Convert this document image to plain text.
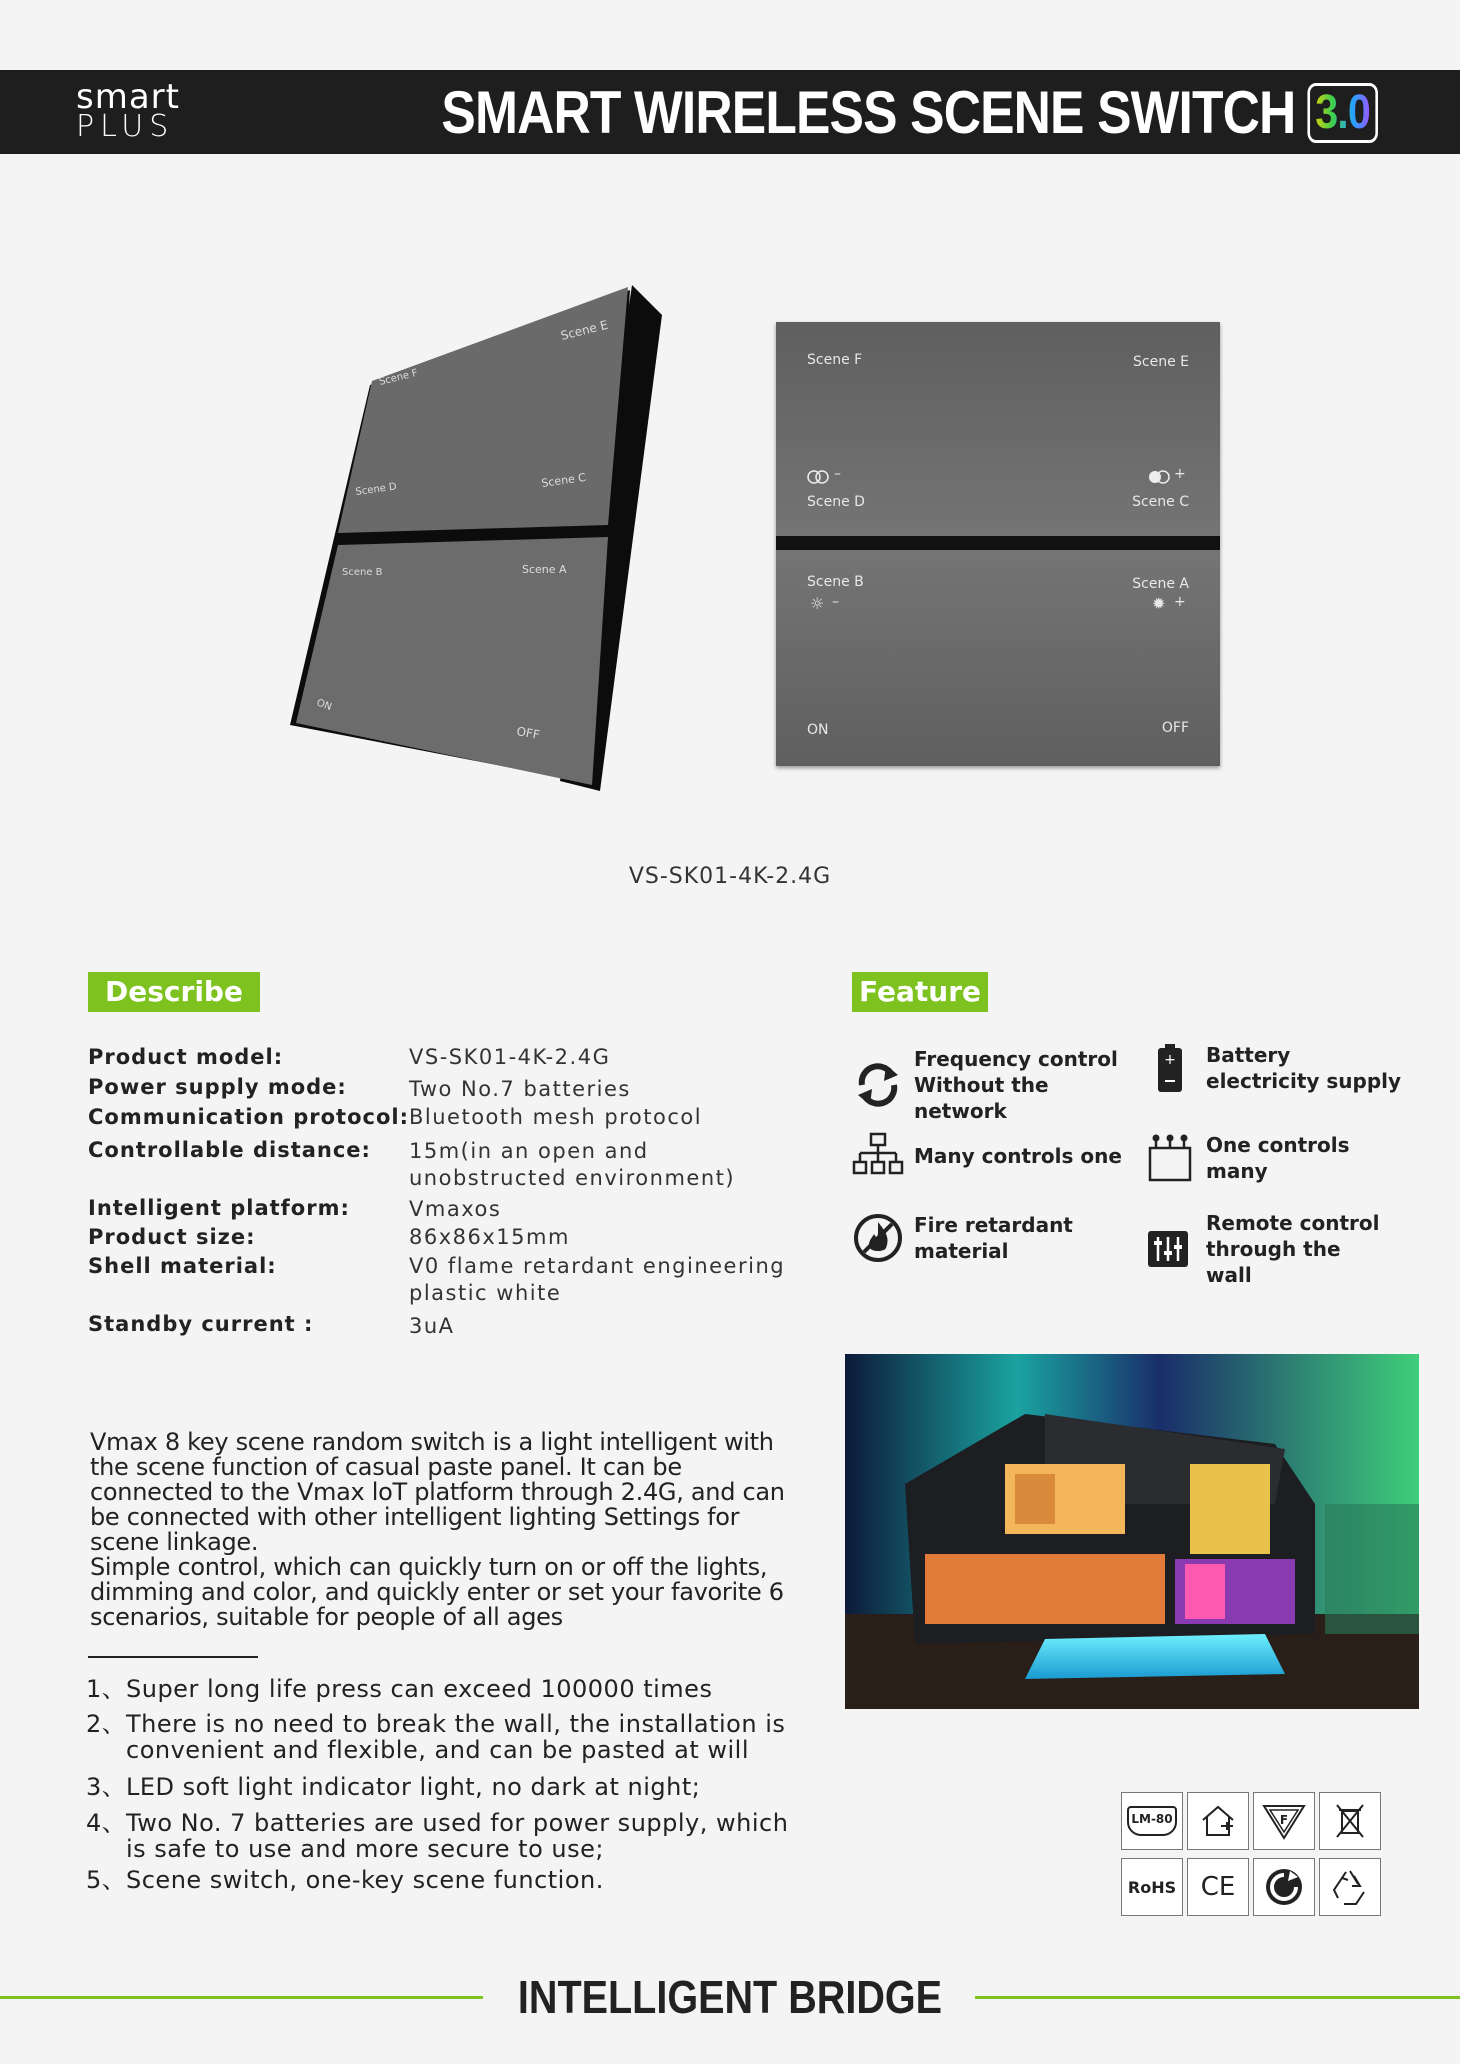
smart
PLUS	SMART WIRELESS SCENE SWITCH 3.0
Scene E
Scene F
Scene D	Scene C
Scene B	Scene A
ON
OFF
Scene F	Scene E
–
Scene D
+
Scene C
Scene B
☼ –
Scene A
✹ +
ON	OFF
VS-SK01-4K-2.4G
Describe
Product model:	VS-SK01-4K-2.4G
Power supply mode:	Two No.7 batteries
Communication protocol: Bluetooth mesh protocol
Controllable distance: 15m(in an open and unobstructed environment)
Intelligent platform:	Vmaxos
Product size:	86x86x15mm
Shell material:	V0 flame retardant engineering plastic white
Standby current :	3uA
Vmax 8 key scene random switch is a light intelligent with the scene function of casual paste panel. It can be connected to the Vmax loT platform through 2.4G, and can be connected with other intelligent lighting Settings for scene linkage.
Simple control, which can quickly turn on or off the lights, dimming and color, and quickly enter or set your favorite 6 scenarios, suitable for people of all ages
1、 Super long life press can exceed 100000 times
2、 There is no need to break the wall, the installation is convenient and flexible, and can be pasted at will
3、 LED soft light indicator light, no dark at night;
4、 Two No. 7 batteries are used for power supply, which is safe to use and more secure to use;
5、 Scene switch, one-key scene function.
Feature
Frequency control Without the network
+ Battery electricity supply
Many controls one	One controls many
Fire retardant material
Remote control through the wall
LM-80	F
RoHS CE
INTELLIGENT BRIDGE
